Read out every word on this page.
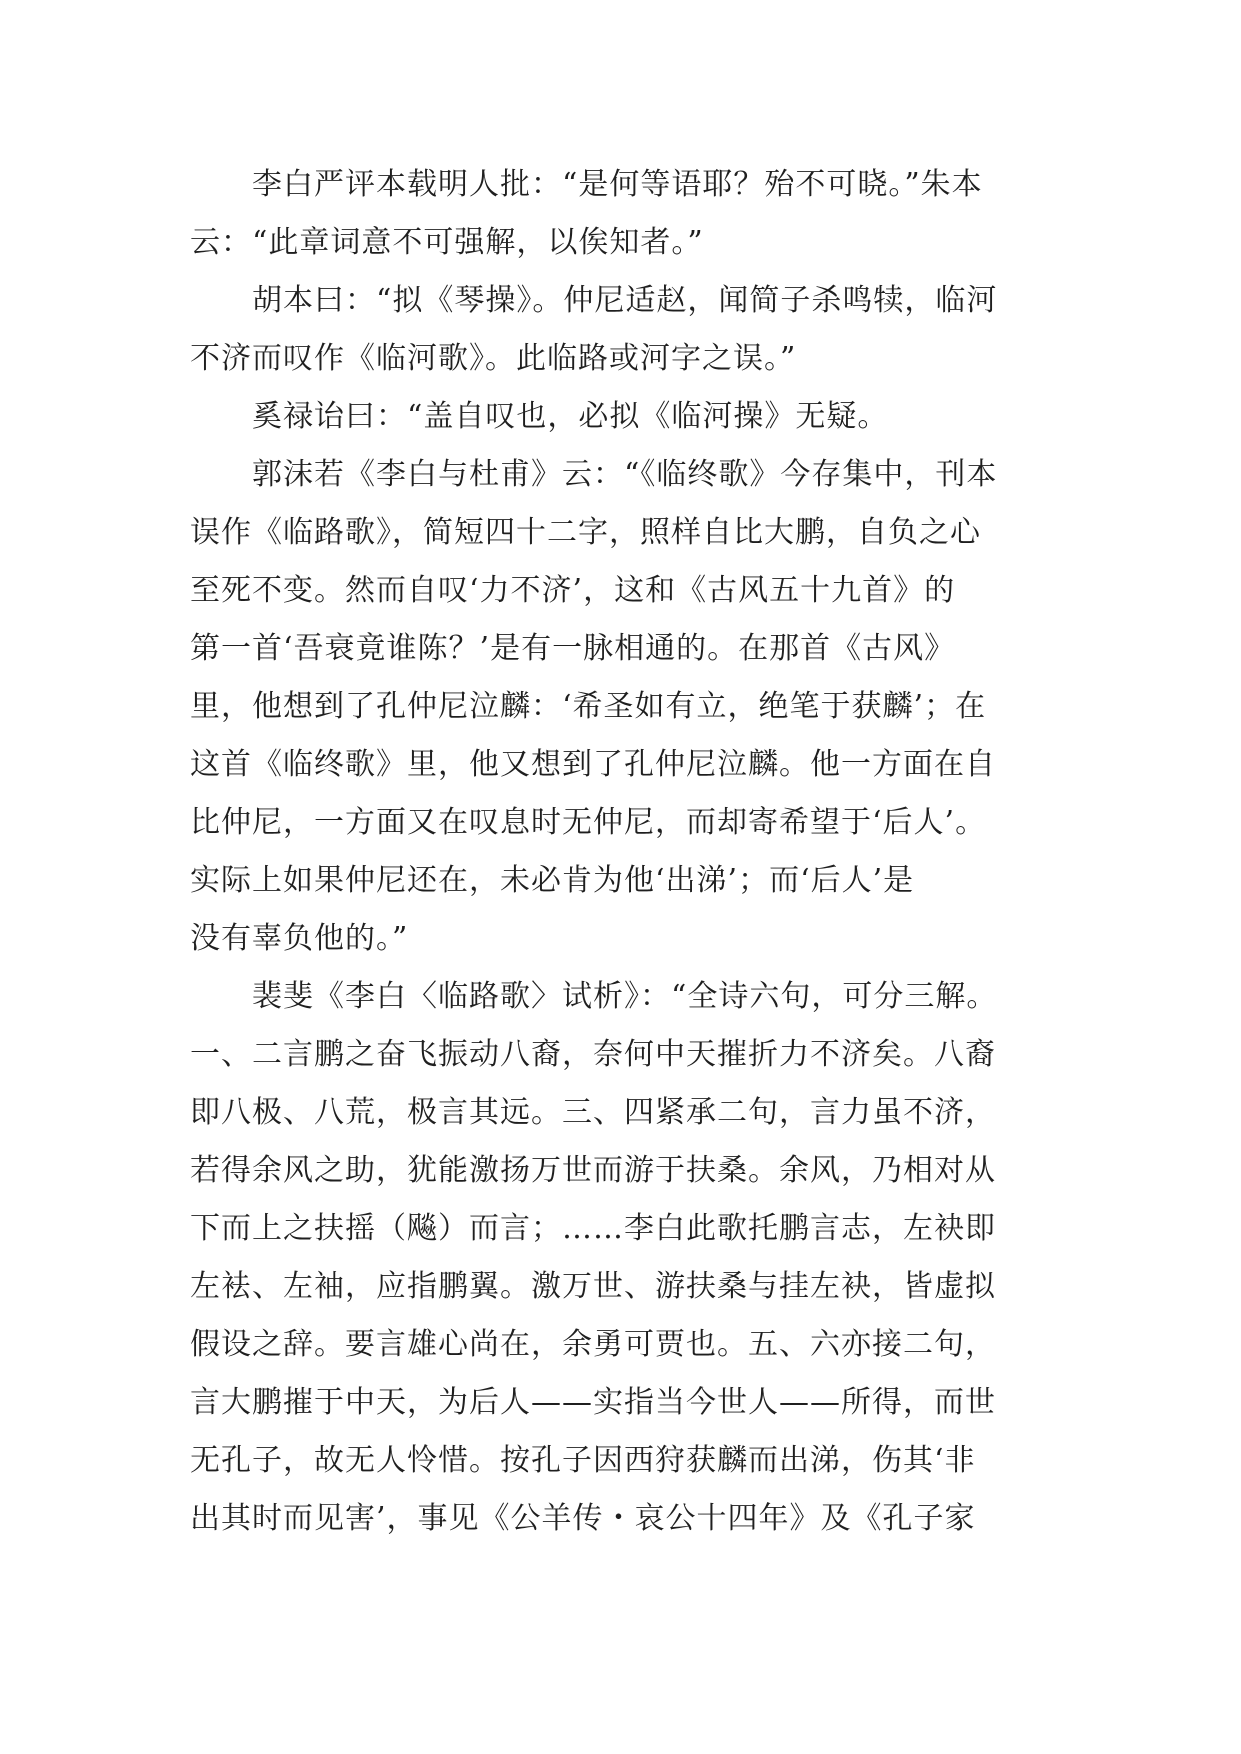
李白严评本载明人批：“是何等语耶？殆不可晓。”朱本
云：“此章词意不可强解，以俟知者。”
胡本曰：“拟《琴操》。仲尼适赵，闻简子杀鸣犊，临河
不济而叹作《临河歌》。此临路或河字之误。”
奚禄诒曰：“盖自叹也，必拟《临河操》无疑。
郭沫若《李白与杜甫》云：“《临终歌》今存集中，刊本
误作《临路歌》，简短四十二字，照样自比大鹏，自负之心
至死不变。然而自叹‘力不济’，这和《古风五十九首》的
第一首‘吾衰竟谁陈？’是有一脉相通的。在那首《古风》
里，他想到了孔仲尼泣麟：‘希圣如有立，绝笔于获麟’；在
这首《临终歌》里，他又想到了孔仲尼泣麟。他一方面在自
比仲尼，一方面又在叹息时无仲尼，而却寄希望于‘后人’。
实际上如果仲尼还在，未必肯为他‘出涕’；而‘后人’是
没有辜负他的。”
裴斐《李白〈临路歌〉试析》：“全诗六句，可分三解。
一、二言鹏之奋飞振动八裔，奈何中天摧折力不济矣。八裔
即八极、八荒，极言其远。三、四紧承二句，言力虽不济，
若得余风之助，犹能激扬万世而游于扶桑。余风，乃相对从
下而上之扶摇（飚）而言；……李白此歌托鹏言志，左袂即
左袪、左袖，应指鹏翼。激万世、游扶桑与挂左袂，皆虚拟
假设之辞。要言雄心尚在，余勇可贾也。五、六亦接二句，
言大鹏摧于中天，为后人——实指当今世人——所得，而世
无孔子，故无人怜惜。按孔子因西狩获麟而出涕，伤其‘非
出其时而见害’，事见《公羊传・哀公十四年》及《孔子家
